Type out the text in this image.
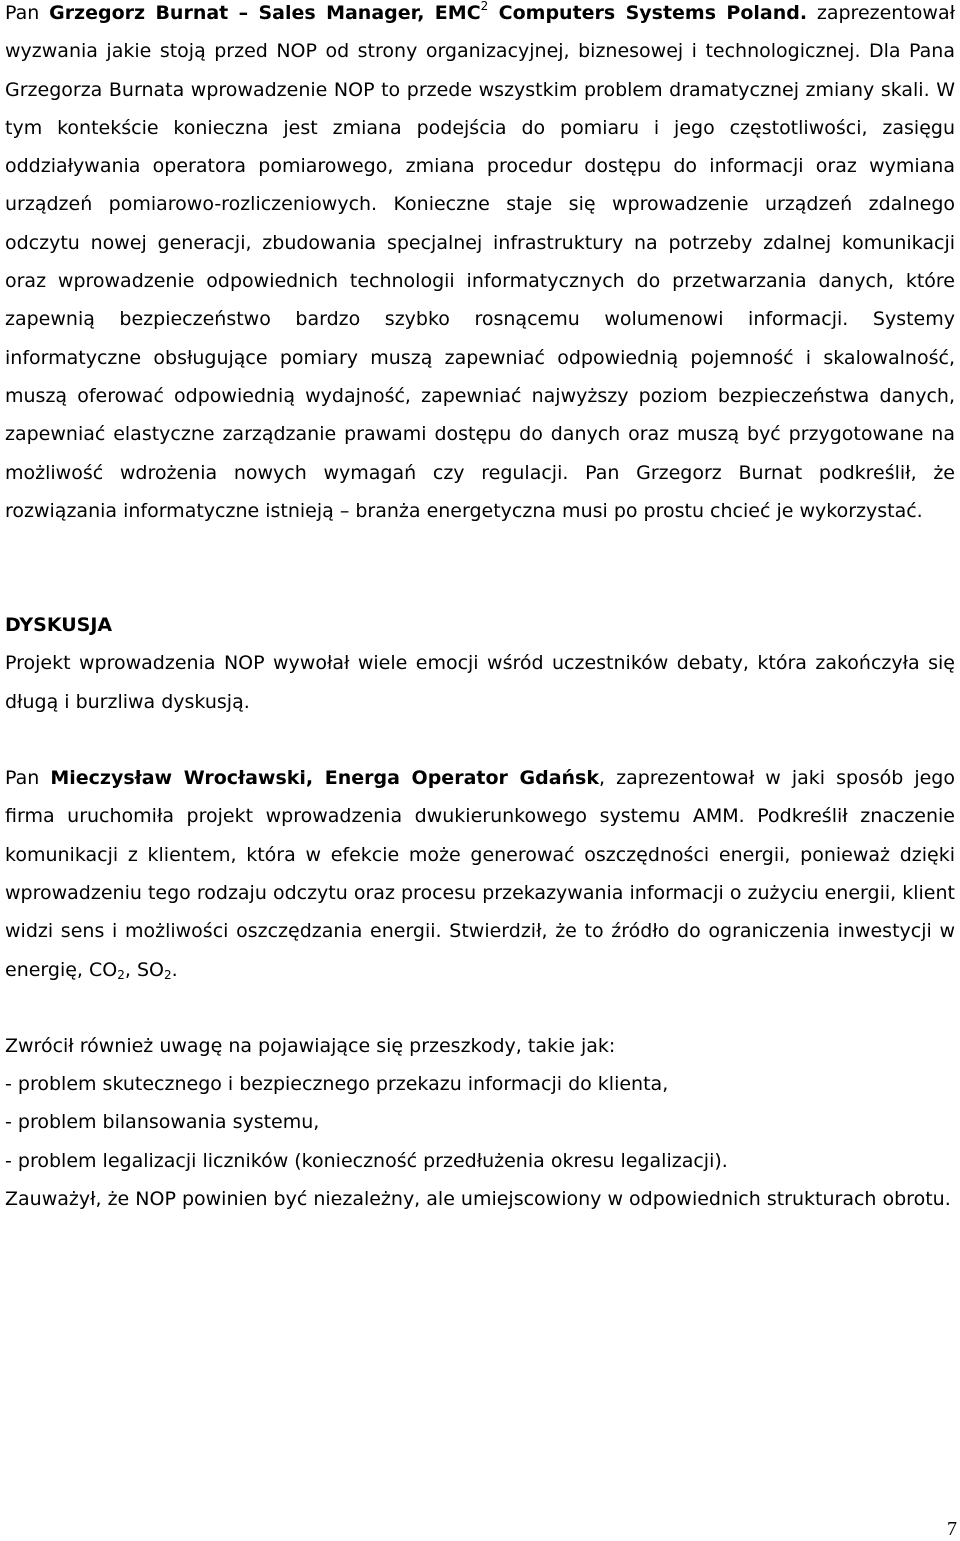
Pan Grzegorz Burnat – Sales Manager, EMC$^2$ Computers Systems Poland. zaprezentował wyzwania jakie stoją przed NOP od strony organizacyjnej, biznesowej i technologicznej. Dla Pana Grzegorza Burnata wprowadzenie NOP to przede wszystkim problem dramatycznej zmiany skali. W tym kontekście konieczna jest zmiana podejścia do pomiaru i jego częstotliwości, zasięgu oddziaływania operatora pomiarowego, zmiana procedur dostępu do informacji oraz wymiana urządzeń pomiarowo-rozliczeniowych. Konieczne staje się wprowadzenie urządzeń zdalnego odczytu nowej generacji, zbudowania specjalnej infrastruktury na potrzeby zdalnej komunikacji oraz wprowadzenie odpowiednich technologii informatycznych do przetwarzania danych, które zapewnią bezpieczeństwo bardzo szybko rosnącemu wolumenowi informacji. Systemy informatyczne obsługujące pomiary muszą zapewniać odpowiednią pojemność i skalowalność, muszą oferować odpowiednią wydajność, zapewniać najwyższy poziom bezpieczeństwa danych, zapewniać elastyczne zarządzanie prawami dostępu do danych oraz muszą być przygotowane na możliwość wdrożenia nowych wymagań czy regulacji. Pan Grzegorz Burnat podkreślił, że rozwiązania informatyczne istnieją – branża energetyczna musi po prostu chcieć je wykorzystać.

DYSKUSJA

Projekt wprowadzenia NOP wywołał wiele emocji wśród uczestników debaty, która zakończyła się długą i burzliwa dyskusją.

Pan Mieczysław Wrocławski, Energa Operator Gdańsk, zaprezentował w jaki sposób jego firma uruchomiła projekt wprowadzenia dwukierunkowego systemu AMM. Podkreślił znaczenie komunikacji z klientem, która w efekcie może generować oszczędności energii, ponieważ dzięki wprowadzeniu tego rodzaju odczytu oraz procesu przekazywania informacji o zużyciu energii, klient widzi sens i możliwości oszczędzania energii. Stwierdził, że to źródło do ograniczenia inwestycji w energię, $CO_2$, $SO_2$.

Zwrócił również uwagę na pojawiające się przeszkody, takie jak:

- problem skutecznego i bezpiecznego przekazu informacji do klienta,

- problem bilansowania systemu,

- problem legalizacji liczników (konieczność przedłużenia okresu legalizacji).

Zauważył, że NOP powinien być niezależny, ale umiejscowiony w odpowiednich strukturach obrotu.

7
